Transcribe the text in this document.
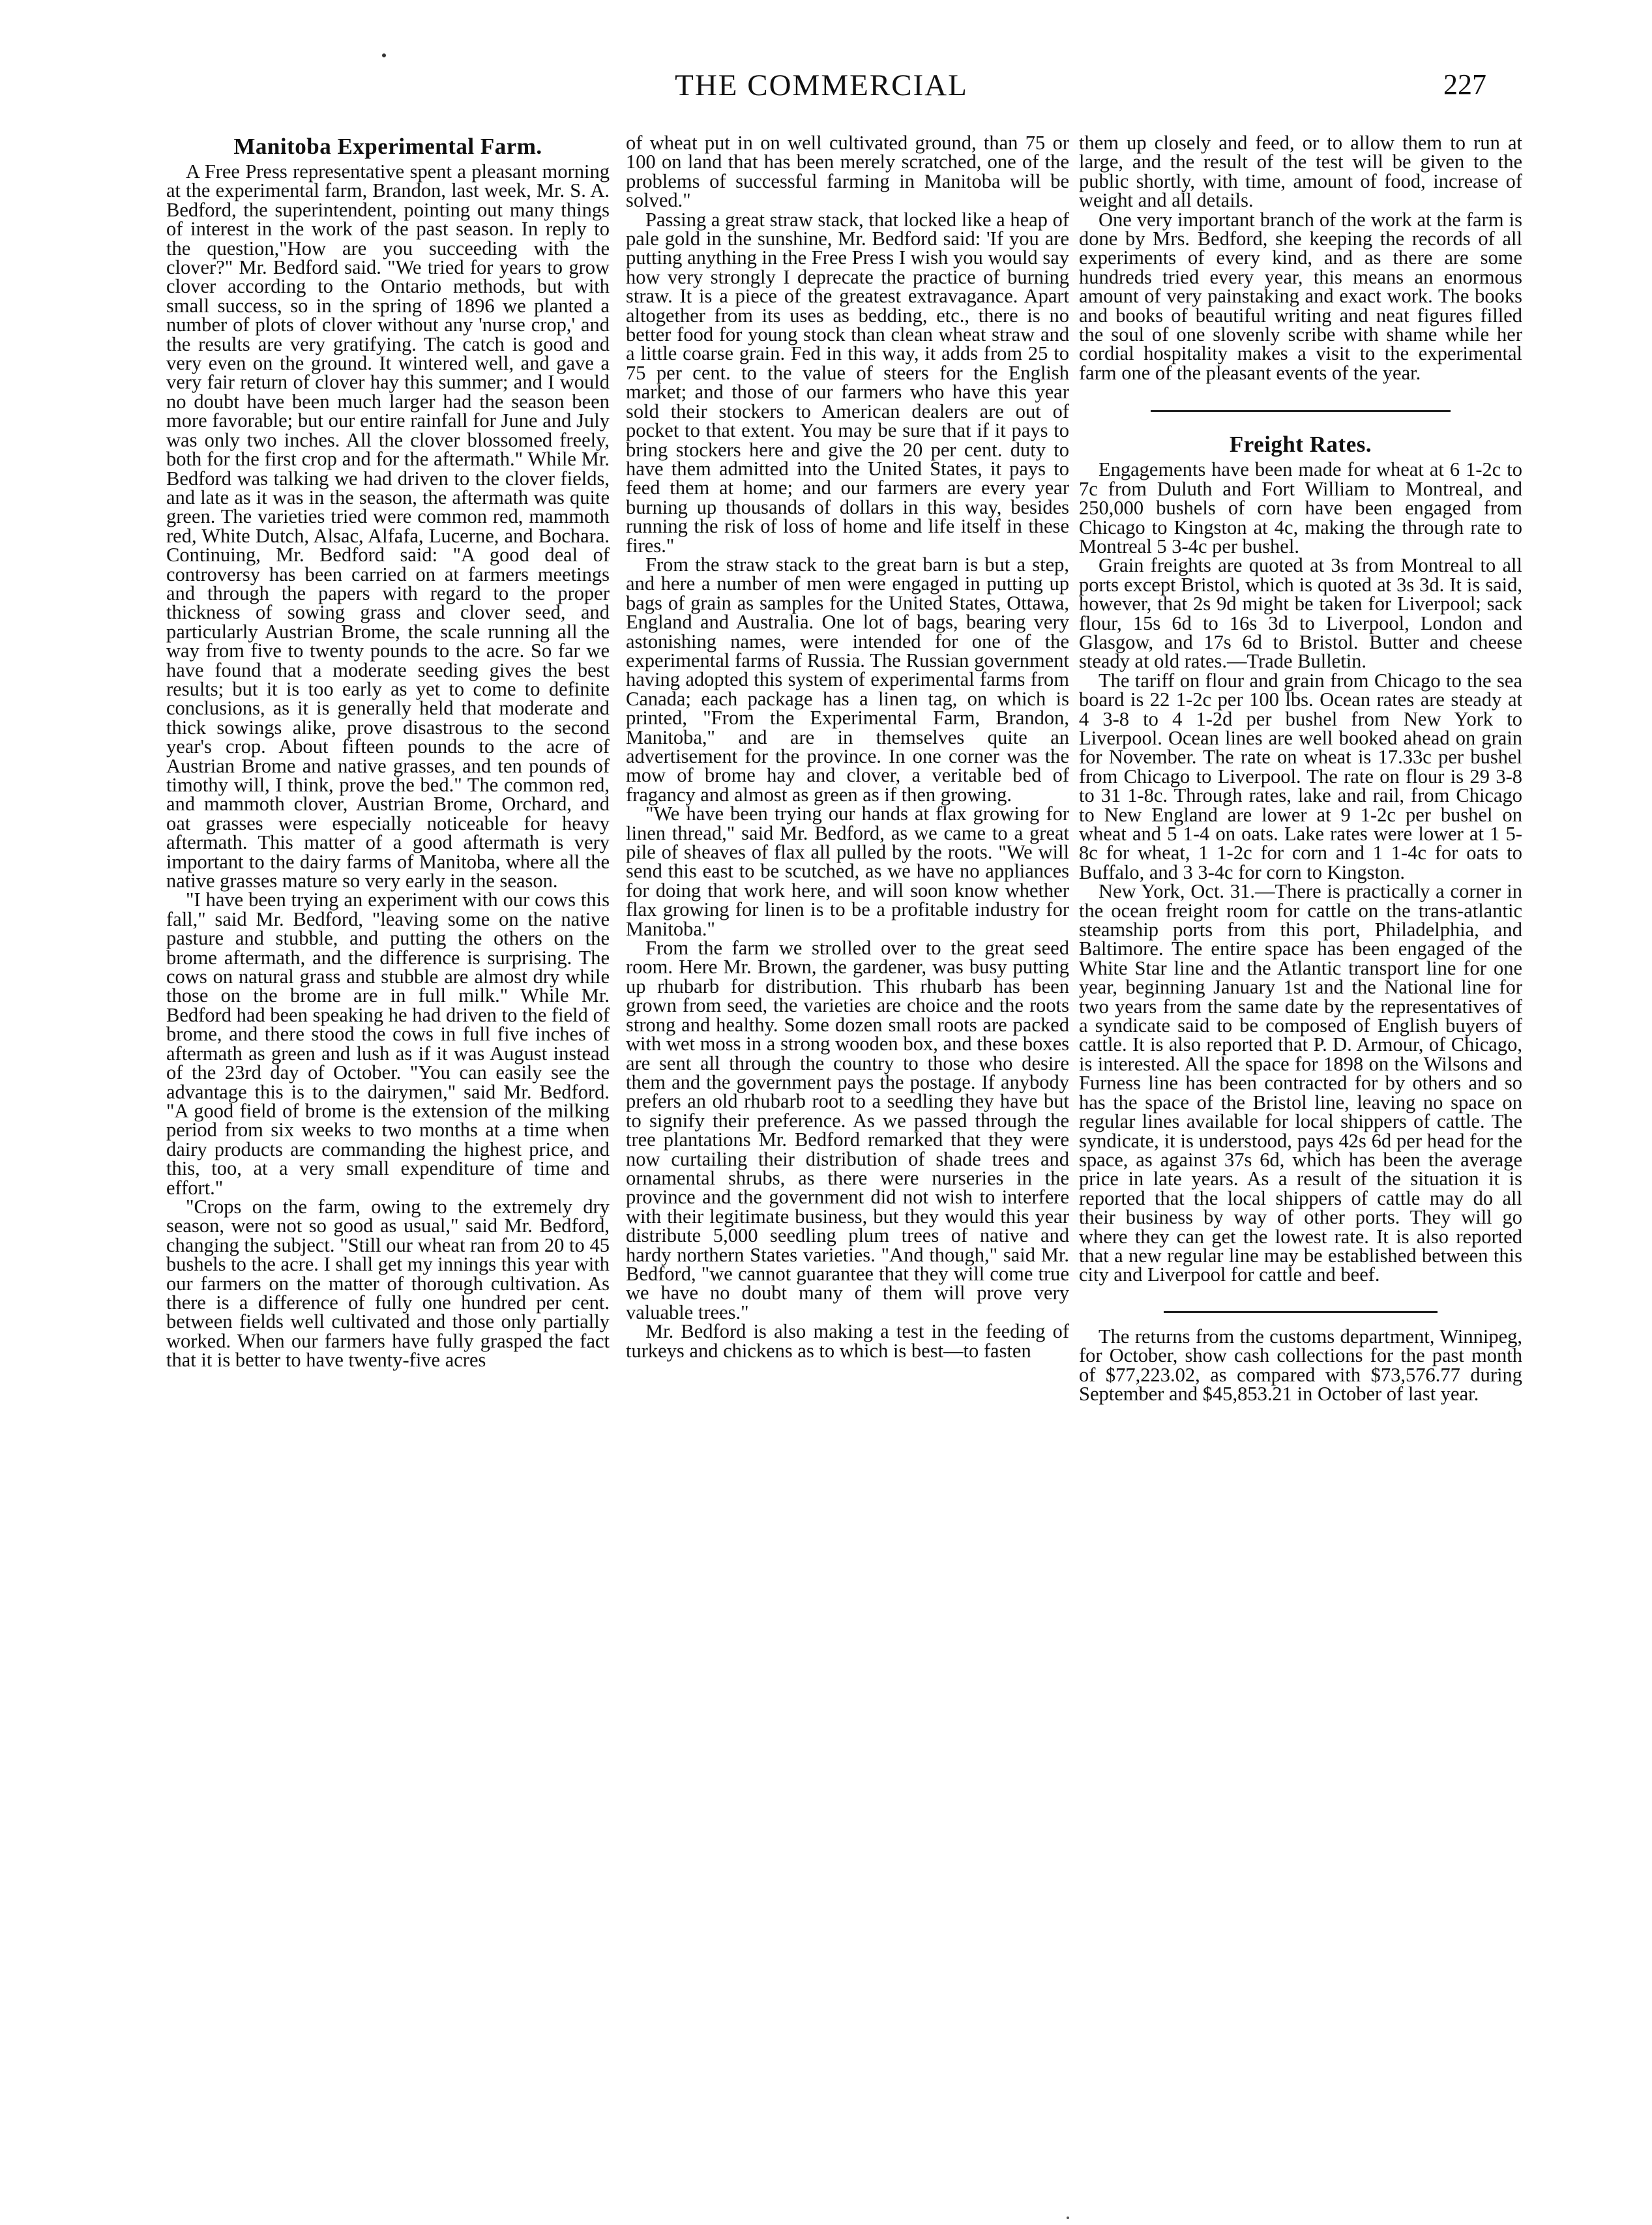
THE COMMERCIAL	227
Manitoba Experimental Farm.

A Free Press representative spent a pleasant morning at the experimental farm, Brandon, last week, Mr. S. A. Bedford, the superintendent, pointing out many things of interest in the work of the past season. In reply to the question,"How are you succeeding with the clover?" Mr. Bedford said. "We tried for years to grow clover according to the Ontario methods, but with small success, so in the spring of 1896 we planted a number of plots of clover without any 'nurse crop,' and the results are very gratifying. The catch is good and very even on the ground. It wintered well, and gave a very fair return of clover hay this summer; and I would no doubt have been much larger had the season been more favorable; but our entire rainfall for June and July was only two inches. All the clover blossomed freely, both for the first crop and for the aftermath." While Mr. Bedford was talking we had driven to the clover fields, and late as it was in the season, the aftermath was quite green. The varieties tried were common red, mammoth red, White Dutch, Alsac, Alfafa, Lucerne, and Bochara. Continuing, Mr. Bedford said: "A good deal of controversy has been carried on at farmers meetings and through the papers with regard to the proper thickness of sowing grass and clover seed, and particularly Austrian Brome, the scale running all the way from five to twenty pounds to the acre. So far we have found that a moderate seeding gives the best results; but it is too early as yet to come to definite conclusions, as it is generally held that moderate and thick sowings alike, prove disastrous to the second year's crop. About fifteen pounds to the acre of Austrian Brome and native grasses, and ten pounds of timothy will, I think, prove the bed." The common red, and mammoth clover, Austrian Brome, Orchard, and oat grasses were especially noticeable for heavy aftermath. This matter of a good aftermath is very important to the dairy farms of Manitoba, where all the native grasses mature so very early in the season.

"I have been trying an experiment with our cows this fall," said Mr. Bedford, "leaving some on the native pasture and stubble, and putting the others on the brome aftermath, and the difference is surprising. The cows on natural grass and stubble are almost dry while those on the brome are in full milk." While Mr. Bedford had been speaking he had driven to the field of brome, and there stood the cows in full five inches of aftermath as green and lush as if it was August instead of the 23rd day of October. "You can easily see the advantage this is to the dairymen," said Mr. Bedford. "A good field of brome is the extension of the milking period from six weeks to two months at a time when dairy products are commanding the highest price, and this, too, at a very small expenditure of time and effort."

"Crops on the farm, owing to the extremely dry season, were not so good as usual," said Mr. Bedford, changing the subject. "Still our wheat ran from 20 to 45 bushels to the acre. I shall get my innings this year with our farmers on the matter of thorough cultivation. As there is a difference of fully one hundred per cent. between fields well cultivated and those only partially worked. When our farmers have fully grasped the fact that it is better to have twenty-five acres

of wheat put in on well cultivated ground, than 75 or 100 on land that has been merely scratched, one of the problems of successful farming in Manitoba will be solved."

Passing a great straw stack, that locked like a heap of pale gold in the sunshine, Mr. Bedford said: 'If you are putting anything in the Free Press I wish you would say how very strongly I deprecate the practice of burning straw. It is a piece of the greatest extravagance. Apart altogether from its uses as bedding, etc., there is no better food for young stock than clean wheat straw and a little coarse grain. Fed in this way, it adds from 25 to 75 per cent. to the value of steers for the English market; and those of our farmers who have this year sold their stockers to American dealers are out of pocket to that extent. You may be sure that if it pays to bring stockers here and give the 20 per cent. duty to have them admitted into the United States, it pays to feed them at home; and our farmers are every year burning up thousands of dollars in this way, besides running the risk of loss of home and life itself in these fires."

From the straw stack to the great barn is but a step, and here a number of men were engaged in putting up bags of grain as samples for the United States, Ottawa, England and Australia. One lot of bags, bearing very astonishing names, were intended for one of the experimental farms of Russia. The Russian government having adopted this system of experimental farms from Canada; each package has a linen tag, on which is printed, "From the Experimental Farm, Brandon, Manitoba," and are in themselves quite an advertisement for the province. In one corner was the mow of brome hay and clover, a veritable bed of fragancy and almost as green as if then growing.

"We have been trying our hands at flax growing for linen thread," said Mr. Bedford, as we came to a great pile of sheaves of flax all pulled by the roots. "We will send this east to be scutched, as we have no appliances for doing that work here, and will soon know whether flax growing for linen is to be a profitable industry for Manitoba."

From the farm we strolled over to the great seed room. Here Mr. Brown, the gardener, was busy putting up rhubarb for distribution. This rhubarb has been grown from seed, the varieties are choice and the roots strong and healthy. Some dozen small roots are packed with wet moss in a strong wooden box, and these boxes are sent all through the country to those who desire them and the government pays the postage. If anybody prefers an old rhubarb root to a seedling they have but to signify their preference. As we passed through the tree plantations Mr. Bedford remarked that they were now curtailing their distribution of shade trees and ornamental shrubs, as there were nurseries in the province and the government did not wish to interfere with their legitimate business, but they would this year distribute 5,000 seedling plum trees of native and hardy northern States varieties. "And though," said Mr. Bedford, "we cannot guarantee that they will come true we have no doubt many of them will prove very valuable trees."

Mr. Bedford is also making a test in the feeding of turkeys and chickens as to which is best—to fasten

them up closely and feed, or to allow them to run at large, and the result of the test will be given to the public shortly, with time, amount of food, increase of weight and all details.

One very important branch of the work at the farm is done by Mrs. Bedford, she keeping the records of all experiments of every kind, and as there are some hundreds tried every year, this means an enormous amount of very painstaking and exact work. The books and books of beautiful writing and neat figures filled the soul of one slovenly scribe with shame while her cordial hospitality makes a visit to the experimental farm one of the pleasant events of the year.

Freight Rates.

Engagements have been made for wheat at 6 1-2c to 7c from Duluth and Fort William to Montreal, and 250,000 bushels of corn have been engaged from Chicago to Kingston at 4c, making the through rate to Montreal 5 3-4c per bushel.

Grain freights are quoted at 3s from Montreal to all ports except Bristol, which is quoted at 3s 3d. It is said, however, that 2s 9d might be taken for Liverpool; sack flour, 15s 6d to 16s 3d to Liverpool, London and Glasgow, and 17s 6d to Bristol. Butter and cheese steady at old rates.—Trade Bulletin.

The tariff on flour and grain from Chicago to the sea board is 22 1-2c per 100 lbs. Ocean rates are steady at 4 3-8 to 4 1-2d per bushel from New York to Liverpool. Ocean lines are well booked ahead on grain for November. The rate on wheat is 17.33c per bushel from Chicago to Liverpool. The rate on flour is 29 3-8 to 31 1-8c. Through rates, lake and rail, from Chicago to New England are lower at 9 1-2c per bushel on wheat and 5 1-4 on oats. Lake rates were lower at 1 5-8c for wheat, 1 1-2c for corn and 1 1-4c for oats to Buffalo, and 3 3-4c for corn to Kingston.

New York, Oct. 31.—There is practically a corner in the ocean freight room for cattle on the trans-atlantic steamship ports from this port, Philadelphia, and Baltimore. The entire space has been engaged of the White Star line and the Atlantic transport line for one year, beginning January 1st and the National line for two years from the same date by the representatives of a syndicate said to be composed of English buyers of cattle. It is also reported that P. D. Armour, of Chicago, is interested. All the space for 1898 on the Wilsons and Furness line has been contracted for by others and so has the space of the Bristol line, leaving no space on regular lines available for local shippers of cattle. The syndicate, it is understood, pays 42s 6d per head for the space, as against 37s 6d, which has been the average price in late years. As a result of the situation it is reported that the local shippers of cattle may do all their business by way of other ports. They will go where they can get the lowest rate. It is also reported that a new regular line may be established between this city and Liverpool for cattle and beef.

The returns from the customs department, Winnipeg, for October, show cash collections for the past month of $77,223.02, as compared with $73,576.77 during September and $45,853.21 in October of last year.
